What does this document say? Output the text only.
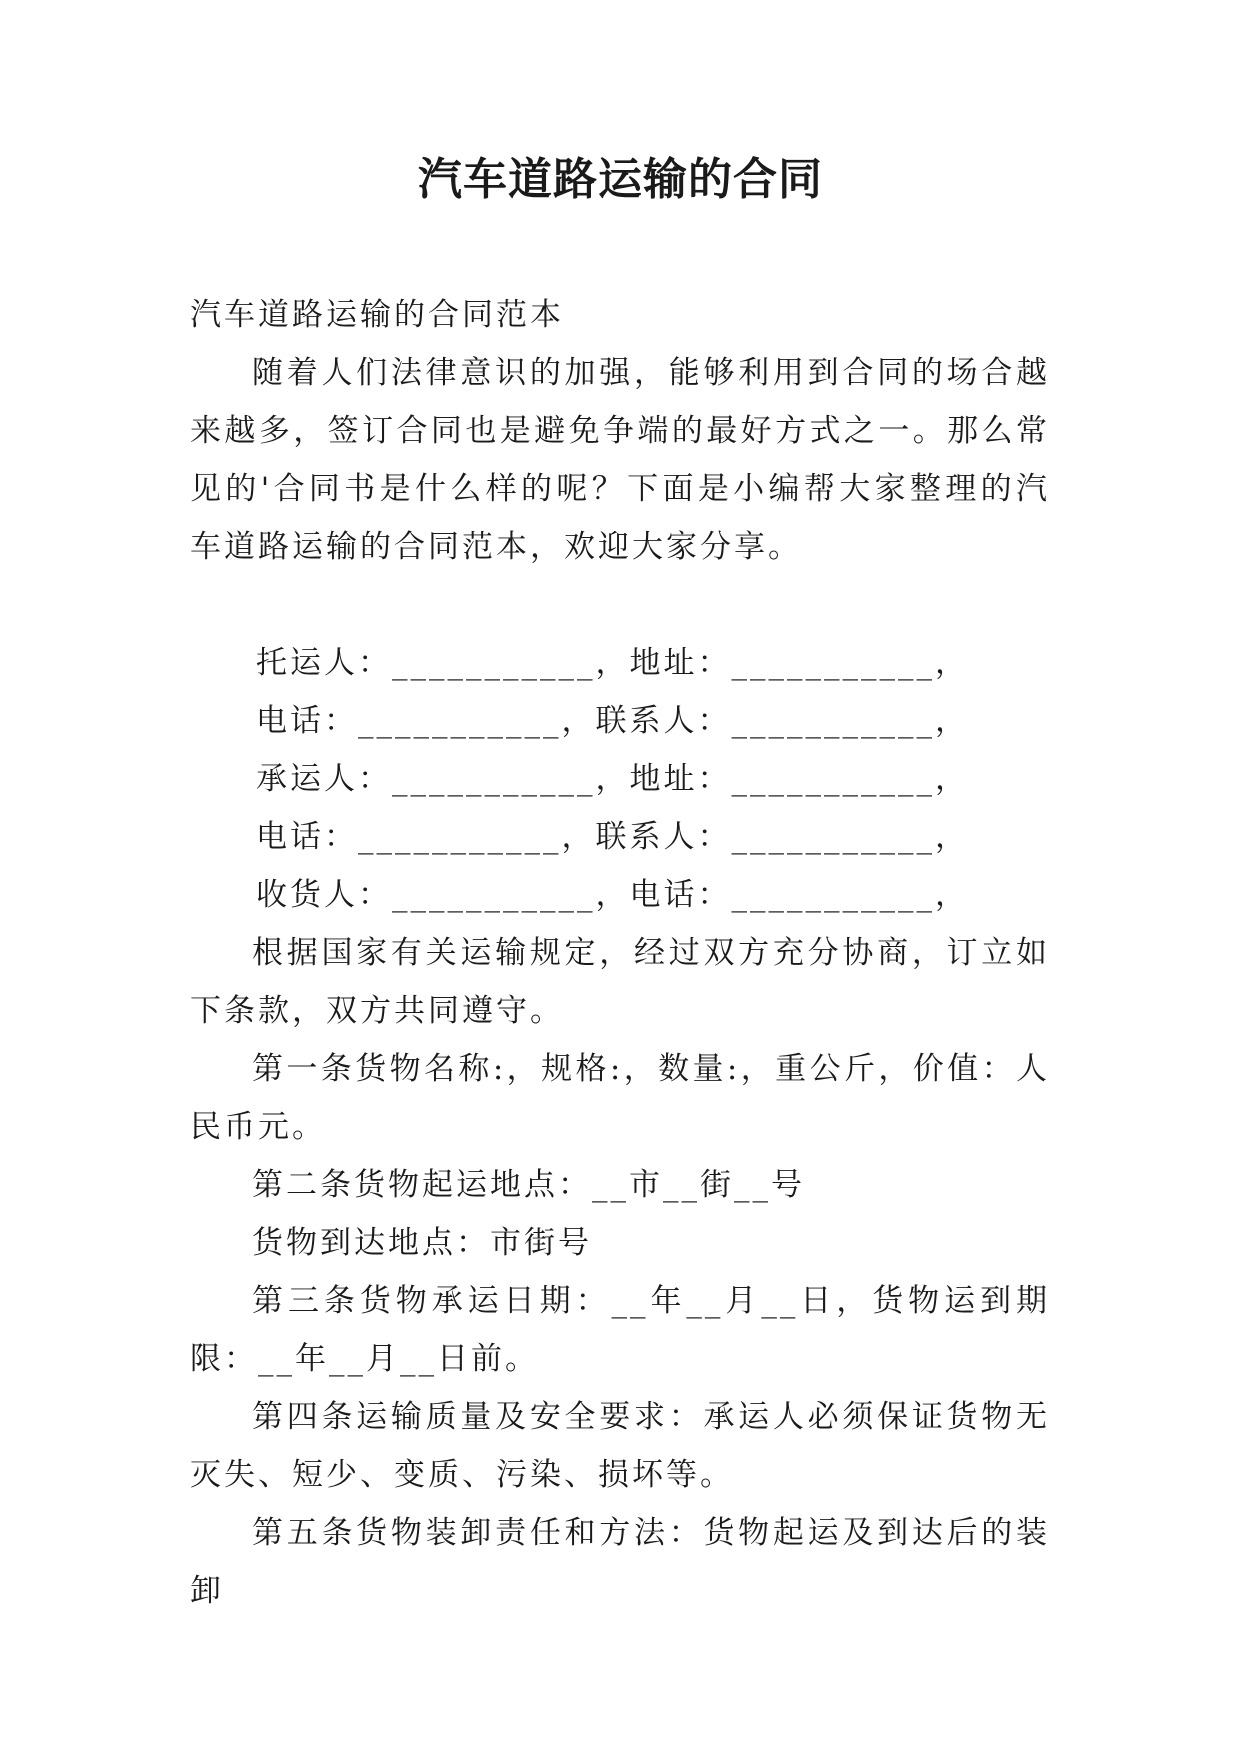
汽车道路运输的合同

汽车道路运输的合同范本

随着人们法律意识的加强，能够利用到合同的场合越来越多，签订合同也是避免争端的最好方式之一。那么常见的'合同书是什么样的呢？下面是小编帮大家整理的汽车道路运输的合同范本，欢迎大家分享。

托运人：___________，地址：___________，

电话：___________，联系人：___________，

承运人：___________，地址：___________，

电话：___________，联系人：___________，

收货人：___________，电话：___________，

根据国家有关运输规定，经过双方充分协商，订立如下条款，双方共同遵守。

第一条货物名称:，规格:，数量:，重公斤，价值：人民币元。

第二条货物起运地点：__市__街__号

货物到达地点：市街号

第三条货物承运日期：__年__月__日，货物运到期限：__年__月__日前。

第四条运输质量及安全要求：承运人必须保证货物无灭失、短少、变质、污染、损坏等。

第五条货物装卸责任和方法：货物起运及到达后的装卸
